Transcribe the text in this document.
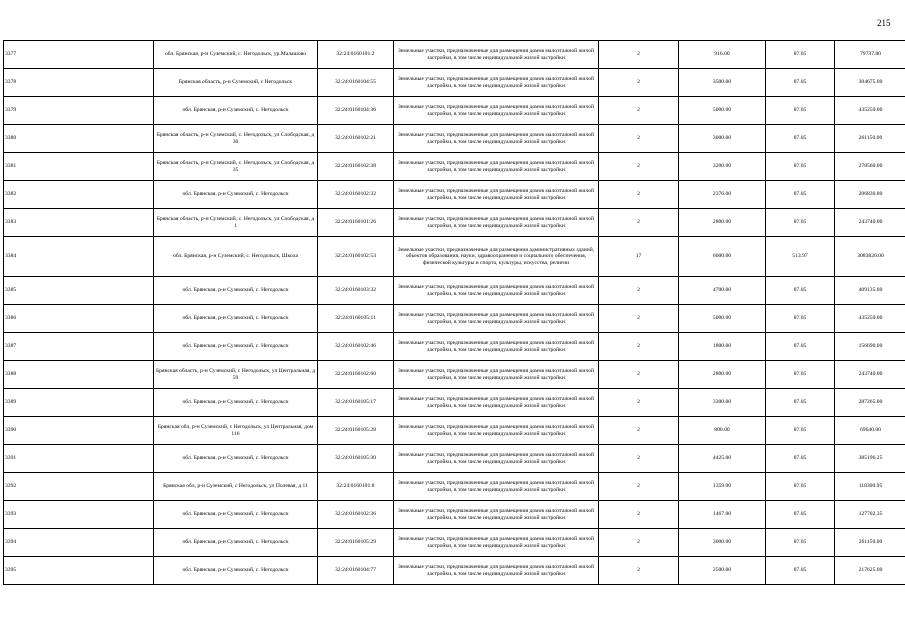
215
3377	обл. Брянская, р-н Суземский, с. Негодольск, ур.Малашово	32:24:0160101:2	Земельные участки, предназначенные для размещения домов малоэтажной жилой застройки, в том числе индивидуальной жилой застройки	2	916.00	87.05	79737.80
3378	Брянская область, р-н Суземский, с Негодольск	32:24:0160104:55	Земельные участки, предназначенные для размещения домов малоэтажной жилой застройки, в том числе индивидуальной жилой застройки	2	3500.00	87.05	304675.00
3379	обл. Брянская, р-н Суземский, с. Негодольск	32:24:0160104:36	Земельные участки, предназначенные для размещения домов малоэтажной жилой застройки, в том числе индивидуальной жилой застройки	2	5000.00	87.05	435250.00
3380	Брянская область, р-н Суземский, с. Негодольск, ул Слободская, д 30	32:24:0160102:21	Земельные участки, предназначенные для размещения домов малоэтажной жилой застройки, в том числе индивидуальной жилой застройки	2	3000.00	87.05	261150.00
3381	Брянская область, р-н Суземский, с. Негодольск, ул Слободская, д 35	32:24:0160102:38	Земельные участки, предназначенные для размещения домов малоэтажной жилой застройки, в том числе индивидуальной жилой застройки	2	3200.00	87.05	278560.00
3382	обл. Брянская, р-н Суземский, с. Негодольск	32:24:0160102:32	Земельные участки, предназначенные для размещения домов малоэтажной жилой застройки, в том числе индивидуальной жилой застройки	2	2376.00	87.05	206830.80
3383	Брянская область, р-н Суземский, с. Негодольск, ул Слободская, д 1	32:24:0160101:26	Земельные участки, предназначенные для размещения домов малоэтажной жилой застройки, в том числе индивидуальной жилой застройки	2	2800.00	87.05	243740.00
3384	обл. Брянская, р-н Суземский, с. Негодольск, Школа	32:24:0160102:53	Земельные участки, предназначенные для размещения административных зданий, объектов образования, науки, здравоохранения и социального обеспечения, физической культуры и спорта, культуры, искусства, религии	17	6000.00	513.97	3083820.00
3385	обл. Брянская, р-н Суземский, с. Негодольск	32:24:0160103:32	Земельные участки, предназначенные для размещения домов малоэтажной жилой застройки, в том числе индивидуальной жилой застройки	2	4700.00	87.05	409135.00
3386	обл. Брянская, р-н Суземский, с. Негодольск	32:24:0160105:11	Земельные участки, предназначенные для размещения домов малоэтажной жилой застройки, в том числе индивидуальной жилой застройки	2	5000.00	87.05	435250.00
3387	обл. Брянская, р-н Суземский, с. Негодольск	32:24:0160102:46	Земельные участки, предназначенные для размещения домов малоэтажной жилой застройки, в том числе индивидуальной жилой застройки	2	1800.00	87.05	156690.00
3388	Брянская область, р-н Суземский, с Негодольск, ул Центральная, д 59	32:24:0160102:60	Земельные участки, предназначенные для размещения домов малоэтажной жилой застройки, в том числе индивидуальной жилой застройки	2	2800.00	87.05	243740.00
3389	обл. Брянская, р-н Суземский, с. Негодольск	32:24:0160105:17	Земельные участки, предназначенные для размещения домов малоэтажной жилой застройки, в том числе индивидуальной жилой застройки	2	3300.00	87.05	287265.00
3390	Брянская обл, р-н Суземский, с Негодольск, ул Центральная, дом 116	32:24:0160105:28	Земельные участки, предназначенные для размещения домов малоэтажной жилой застройки, в том числе индивидуальной жилой застройки	2	800.00	87.05	69640.00
3391	обл. Брянская, р-н Суземский, с. Негодольск	32:24:0160105:30	Земельные участки, предназначенные для размещения домов малоэтажной жилой застройки, в том числе индивидуальной жилой застройки	2	4425.00	87.05	385196.25
3392	Брянская обл, р-н Суземский, с Негодольск, ул Полевая, д 11	32:24:0160101:8	Земельные участки, предназначенные для размещения домов малоэтажной жилой застройки, в том числе индивидуальной жилой застройки	2	1359.00	87.05	118300.95
3393	обл. Брянская, р-н Суземский, с. Негодольск	32:24:0160102:36	Земельные участки, предназначенные для размещения домов малоэтажной жилой застройки, в том числе индивидуальной жилой застройки	2	1467.00	87.05	127702.35
3394	обл. Брянская, р-н Суземский, с. Негодольск	32:24:0160105:29	Земельные участки, предназначенные для размещения домов малоэтажной жилой застройки, в том числе индивидуальной жилой застройки	2	3000.00	87.05	261150.00
3395	обл. Брянская, р-н Суземский, с. Негодольск	32:24:0160104:77	Земельные участки, предназначенные для размещения домов малоэтажной жилой застройки, в том числе индивидуальной жилой застройки	2	2500.00	87.05	217625.00
